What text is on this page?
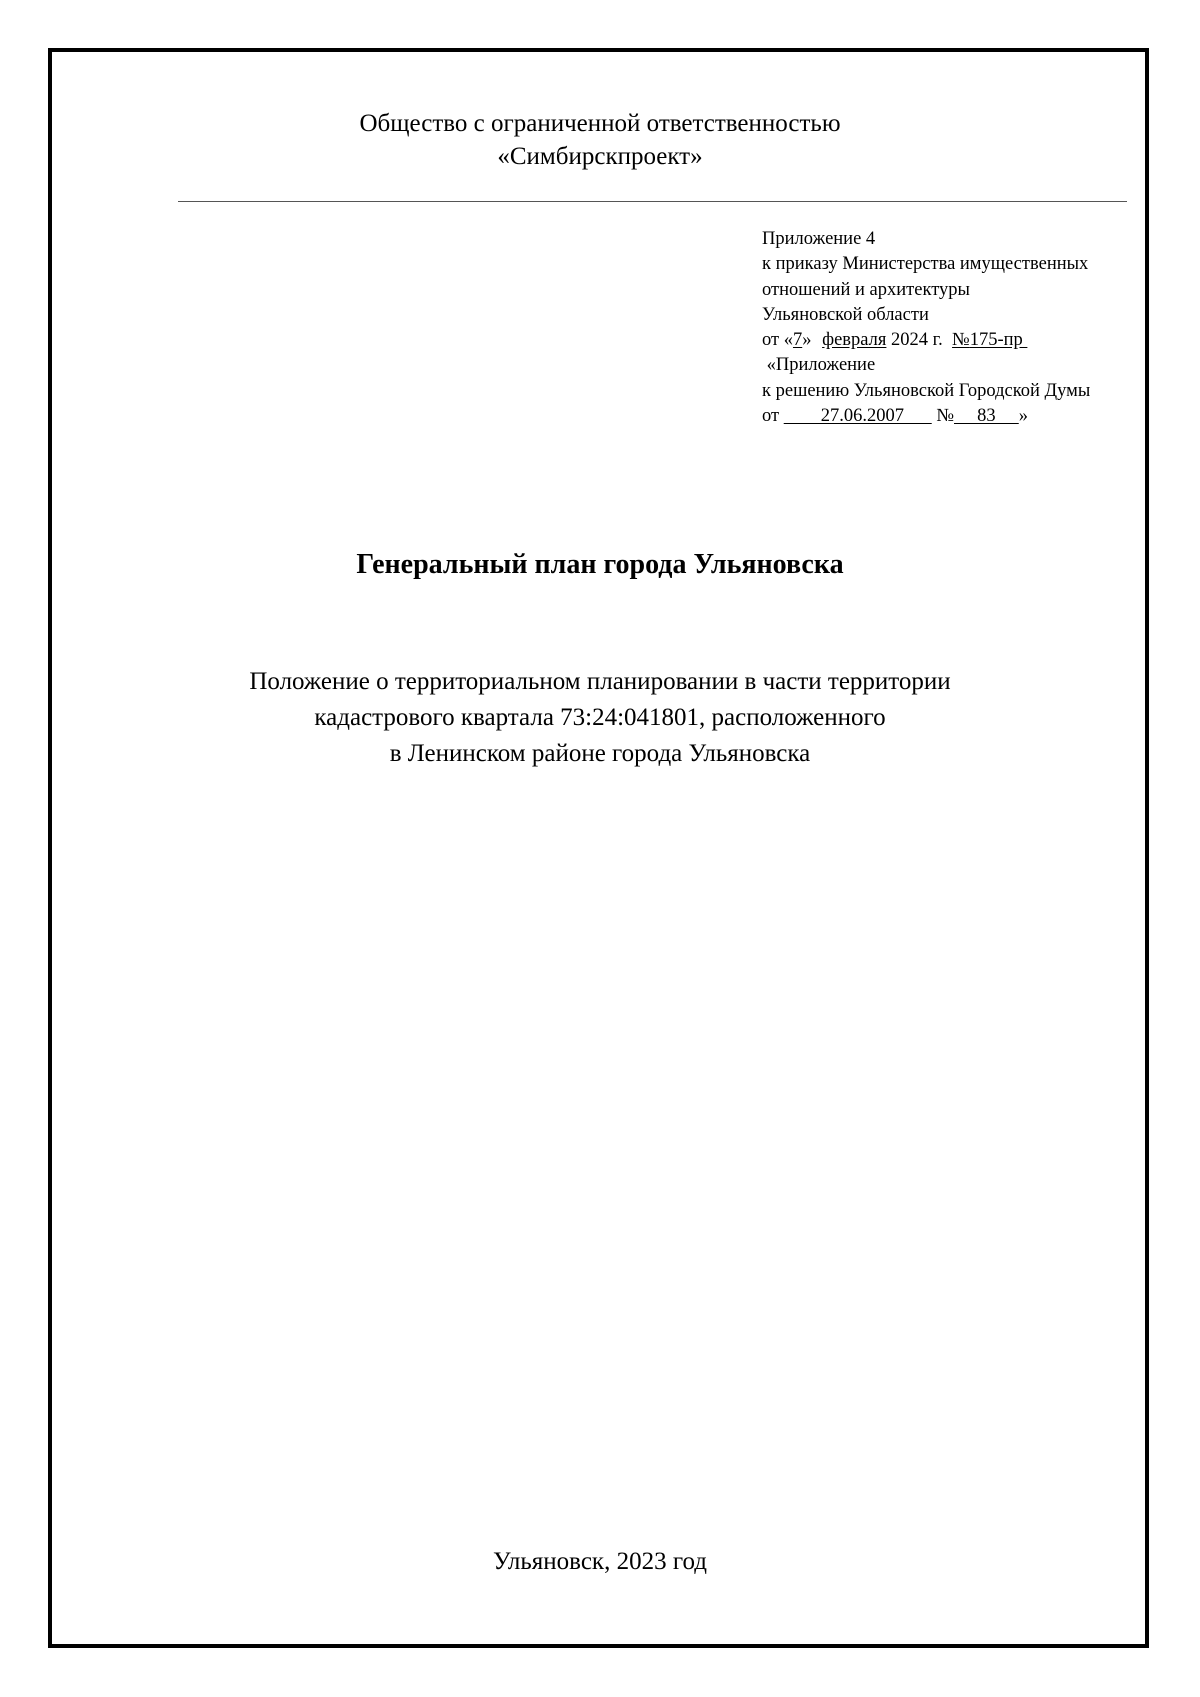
Общество с ограниченной ответственностью
«Симбирскпроект»
Приложение 4
к приказу Министерства имущественных
отношений и архитектуры
Ульяновской области
от «7» февраля 2024 г.  №175-пр
«Приложение
к решению Ульяновской Городской Думы
от         27.06.2007       №     83     »
Генеральный план города Ульяновска
Положение о территориальном планировании в части территории
кадастрового квартала 73:24:041801, расположенного
в Ленинском районе города Ульяновска
Ульяновск, 2023 год
